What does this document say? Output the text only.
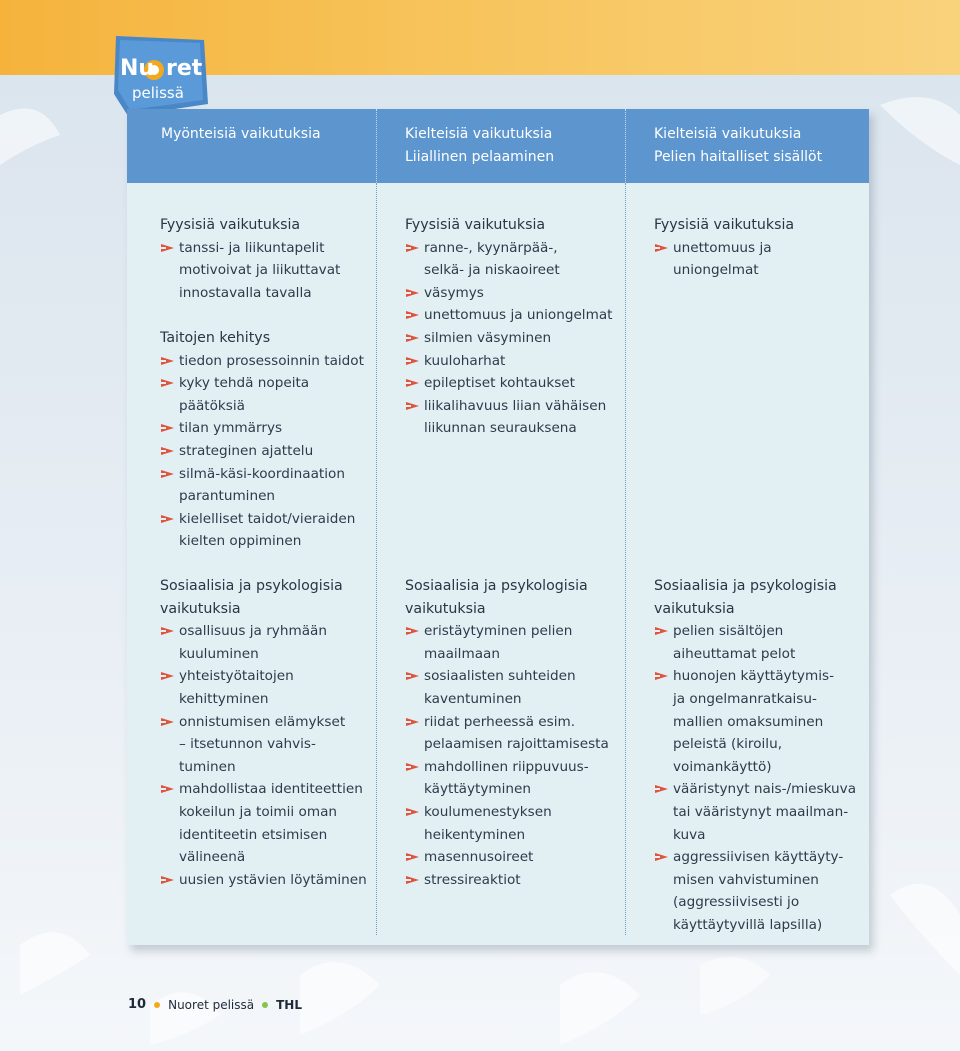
Nu ret
pelissä
Myönteisiä vaikutuksia	Kielteisiä vaikutuksia
Liiallinen pelaaminen
Kielteisiä vaikutuksia
Pelien haitalliset sisällöt
Fyysisiä vaikutuksia
tanssi- ja liikuntapelit
motivoivat ja liikuttavat
innostavalla tavalla
Taitojen kehitys
tiedon prosessoinnin taidot
kyky tehdä nopeita
päätöksiä
tilan ymmärrys
strateginen ajattelu
silmä-käsi-koordinaation
parantuminen
kielelliset taidot/vieraiden
kielten oppiminen
Fyysisiä vaikutuksia
ranne-, kyynärpää-,
selkä- ja niskaoireet
väsymys
unettomuus ja uniongelmat
silmien väsyminen
kuuloharhat
epileptiset kohtaukset
liikalihavuus liian vähäisen
liikunnan seurauksena
Fyysisiä vaikutuksia
unettomuus ja
uniongelmat
Sosiaalisia ja psykologisia
vaikutuksia
osallisuus ja ryhmään
kuuluminen
yhteistyötaitojen
kehittyminen
onnistumisen elämykset
– itsetunnon vahvis-
tuminen
mahdollistaa identiteettien
kokeilun ja toimii oman
identiteetin etsimisen
välineenä
uusien ystävien löytäminen
Sosiaalisia ja psykologisia
vaikutuksia
eristäytyminen pelien
maailmaan
sosiaalisten suhteiden
kaventuminen
riidat perheessä esim.
pelaamisen rajoittamisesta
mahdollinen riippuvuus-
käyttäytyminen
koulumenestyksen
heikentyminen
masennusoireet
stressireaktiot
Sosiaalisia ja psykologisia
vaikutuksia
pelien sisältöjen
aiheuttamat pelot
huonojen käyttäytymis-
ja ongelmanratkaisu-
mallien omaksuminen
peleistä (kiroilu,
voimankäyttö)
vääristynyt nais-/mieskuva
tai vääristynyt maailman-
kuva
aggressiivisen käyttäyty-
misen vahvistuminen
(aggressiivisesti jo
käyttäytyvillä lapsilla)
10 Nuoret pelissä THL
